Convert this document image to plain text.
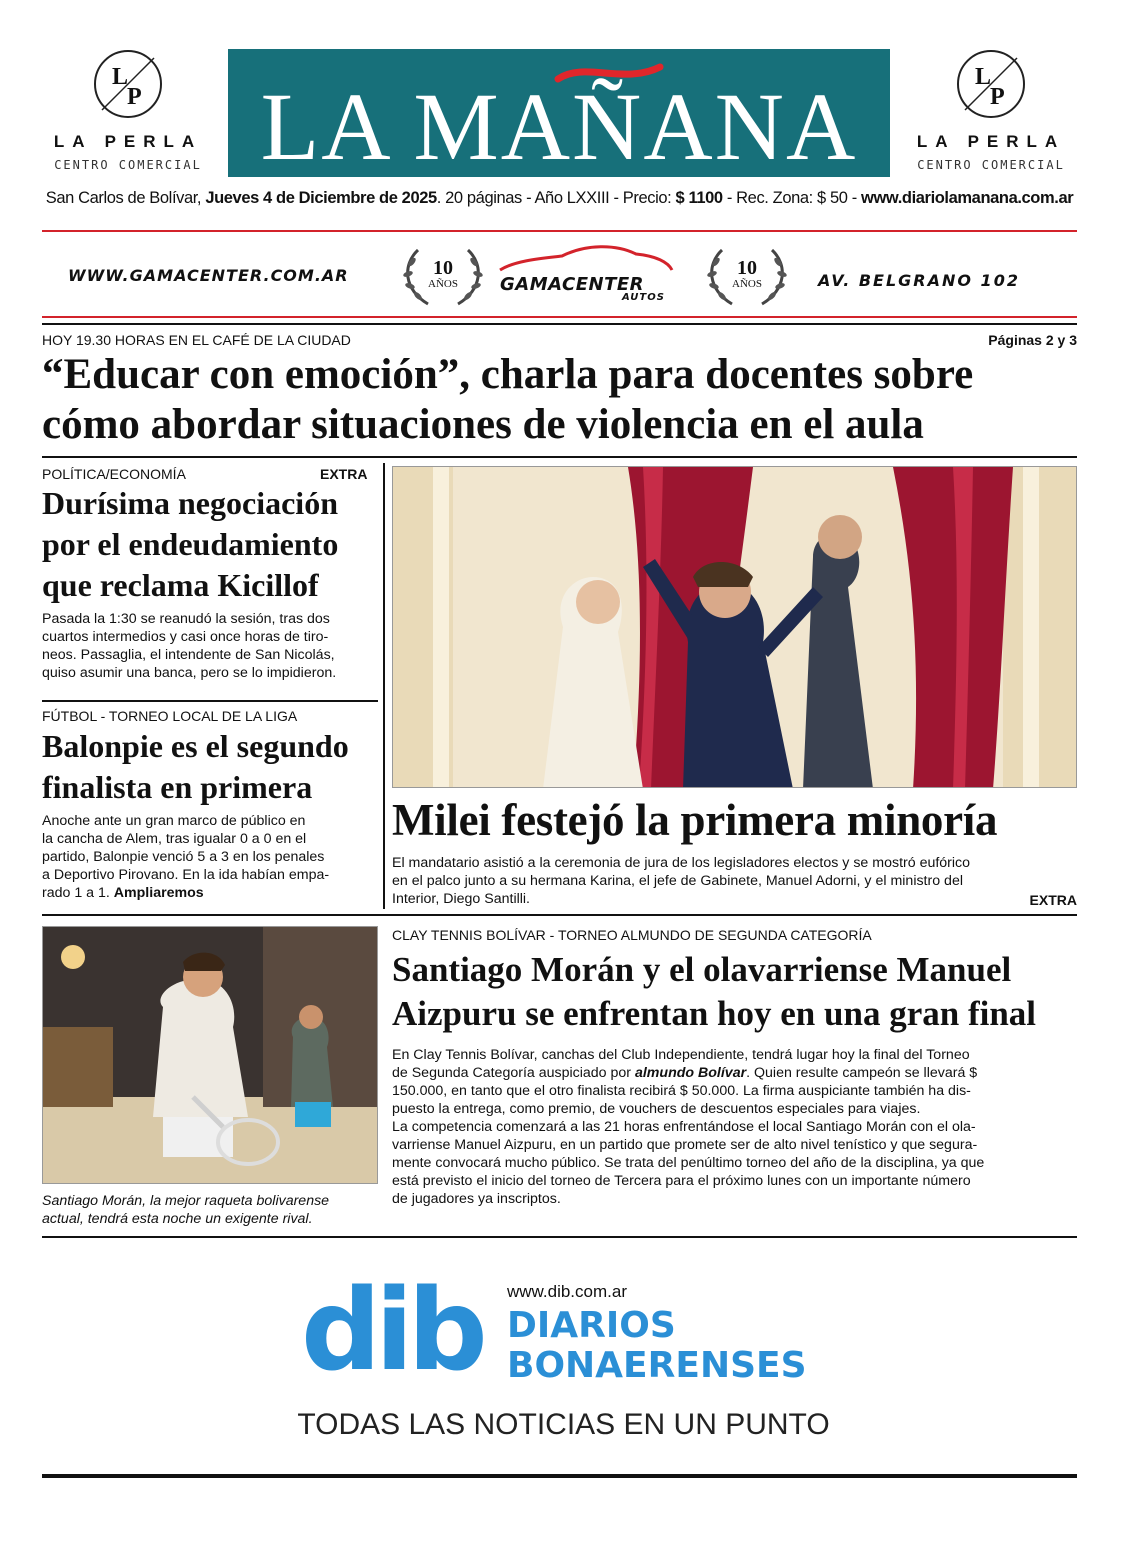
L
P
LA PERLA
CENTRO COMERCIAL LA MAÑANA	L
P
LA PERLA
CENTRO COMERCIAL
San Carlos de Bolívar, Jueves 4 de Diciembre de 2025. 20 páginas - Año LXXIII - Precio: $ 1100 - Rec. Zona: $ 50 - www.diariolamanana.com.ar
WWW.GAMACENTER.COM.AR	10
AÑOS	GAMACENTER
AUTOS
10
AÑOS	AV. BELGRANO 102
HOY 19.30 HORAS EN EL CAFÉ DE LA CIUDAD	Páginas 2 y 3
“Educar con emoción”, charla para docentes sobre
cómo abordar situaciones de violencia en el aula
POLÍTICA/ECONOMÍA	EXTRA
Durísima negociación
por el endeudamiento
que reclama Kicillof
Pasada la 1:30 se reanudó la sesión, tras dos
cuartos intermedios y casi once horas de tiro-
neos. Passaglia, el intendente de San Nicolás,
quiso asumir una banca, pero se lo impidieron.
FÚTBOL - TORNEO LOCAL DE LA LIGA
Balonpie es el segundo
finalista en primera
Anoche ante un gran marco de público en
la cancha de Alem, tras igualar 0 a 0 en el
partido, Balonpie venció 5 a 3 en los penales
a Deportivo Pirovano. En la ida habían empa-
rado 1 a 1. Ampliaremos
Milei festejó la primera minoría
El mandatario asistió a la ceremonia de jura de los legisladores electos y se mostró eufórico
en el palco junto a su hermana Karina, el jefe de Gabinete, Manuel Adorni, y el ministro del
Interior, Diego Santilli.	EXTRA
Santiago Morán, la mejor raqueta bolivarense
actual, tendrá esta noche un exigente rival.
CLAY TENNIS BOLÍVAR - TORNEO ALMUNDO DE SEGUNDA CATEGORÍA
Santiago Morán y el olavarriense Manuel
Aizpuru se enfrentan hoy en una gran final
En Clay Tennis Bolívar, canchas del Club Independiente, tendrá lugar hoy la final del Torneo
de Segunda Categoría auspiciado por almundo Bolívar. Quien resulte campeón se llevará $
150.000, en tanto que el otro finalista recibirá $ 50.000. La firma auspiciante también ha dis-
puesto la entrega, como premio, de vouchers de descuentos especiales para viajes.
La competencia comenzará a las 21 horas enfrentándose el local Santiago Morán con el ola-
varriense Manuel Aizpuru, en un partido que promete ser de alto nivel tenístico y que segura-
mente convocará mucho público. Se trata del penúltimo torneo del año de la disciplina, ya que
está previsto el inicio del torneo de Tercera para el próximo lunes con un importante número
de jugadores ya inscriptos.
dib	www.dib.com.ar
DIARIOS
BONAERENSES
TODAS LAS NOTICIAS EN UN PUNTO
